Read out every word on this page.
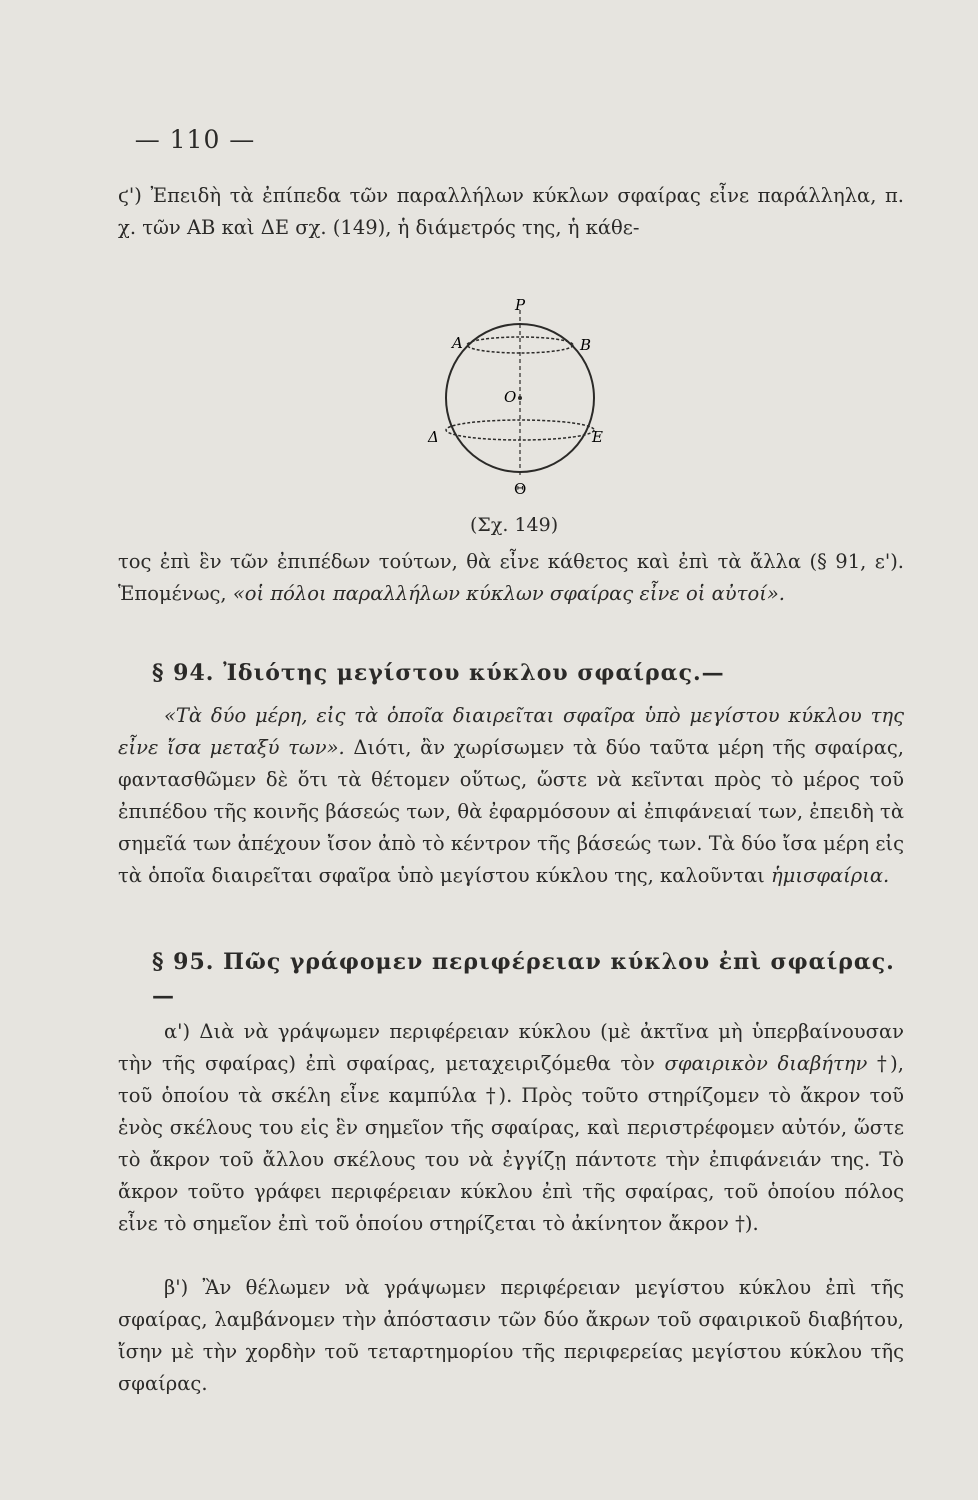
— 110 —
ϛ') Ἐπειδὴ τὰ ἐπίπεδα τῶν παραλλήλων κύκλων σφαίρας εἶνε παράλληλα, π. χ. τῶν AB καὶ ΔE σχ. (149), ἡ διάμετρός της, ἡ κάθε-
P
A	B
O
Δ	E
Θ
(Σχ. 149)
τος ἐπὶ ἓν τῶν ἐπιπέδων τούτων, θὰ εἶνε κάθετος καὶ ἐπὶ τὰ ἄλλα (§ 91, ε'). Ἑπομένως, «οἱ πόλοι παραλλήλων κύκλων σφαίρας εἶνε οἱ αὐτοί».
§ 94. Ἰδιότης μεγίστου κύκλου σφαίρας.—
«Τὰ δύο μέρη, εἰς τὰ ὁποῖα διαιρεῖται σφαῖρα ὑπὸ μεγίστου κύκλου της εἶνε ἴσα μεταξύ των». Διότι, ἂν χωρίσωμεν τὰ δύο ταῦτα μέρη τῆς σφαίρας, φαντασθῶμεν δὲ ὅτι τὰ θέτομεν οὕτως, ὥστε νὰ κεῖνται πρὸς τὸ μέρος τοῦ ἐπιπέδου τῆς κοινῆς βάσεώς των, θὰ ἐφαρμόσουν αἱ ἐπιφάνειαί των, ἐπειδὴ τὰ σημεῖά των ἀπέχουν ἴσον ἀπὸ τὸ κέντρον τῆς βάσεώς των. Τὰ δύο ἴσα μέρη εἰς τὰ ὁποῖα διαιρεῖται σφαῖρα ὑπὸ μεγίστου κύκλου της, καλοῦνται ἡμισφαίρια.
§ 95. Πῶς γράφομεν περιφέρειαν κύκλου ἐπὶ σφαίρας.—
α') Διὰ νὰ γράψωμεν περιφέρειαν κύκλου (μὲ ἀκτῖνα μὴ ὑπερβαίνουσαν τὴν τῆς σφαίρας) ἐπὶ σφαίρας, μεταχειριζόμεθα τὸν σφαιρικὸν διαβήτην †), τοῦ ὁποίου τὰ σκέλη εἶνε καμπύλα †). Πρὸς τοῦτο στηρίζομεν τὸ ἄκρον τοῦ ἑνὸς σκέλους του εἰς ἓν σημεῖον τῆς σφαίρας, καὶ περιστρέφομεν αὐτόν, ὥστε τὸ ἄκρον τοῦ ἄλλου σκέλους του νὰ ἐγγίζῃ πάντοτε τὴν ἐπιφάνειάν της. Τὸ ἄκρον τοῦτο γράφει περιφέρειαν κύκλου ἐπὶ τῆς σφαίρας, τοῦ ὁποίου πόλος εἶνε τὸ σημεῖον ἐπὶ τοῦ ὁποίου στηρίζεται τὸ ἀκίνητον ἄκρον †).
β') Ἂν θέλωμεν νὰ γράψωμεν περιφέρειαν μεγίστου κύκλου ἐπὶ τῆς σφαίρας, λαμβάνομεν τὴν ἀπόστασιν τῶν δύο ἄκρων τοῦ σφαιρικοῦ διαβήτου, ἴσην μὲ τὴν χορδὴν τοῦ τεταρτημορίου τῆς περιφερείας μεγίστου κύκλου τῆς σφαίρας.
